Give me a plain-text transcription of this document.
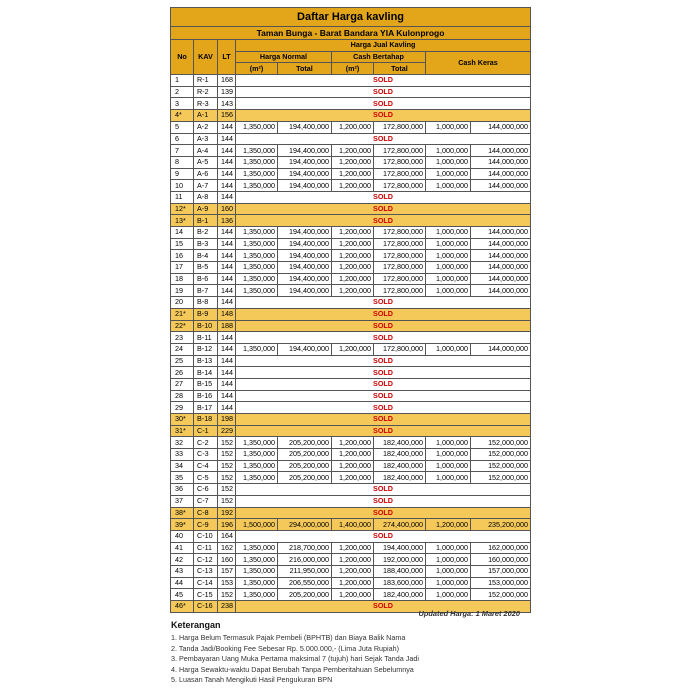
Daftar Harga kavling								
Taman Bunga - Barat Bandara YIA Kulonprogo								
No	KAV	LT	Harga Jual Kavling					
			Harga Normal		Cash Bertahap		Cash Keras	
			(m²)	Total	(m²)	Total		
1	R-1	168	SOLD					
2	R-2	139	SOLD					
3	R-3	143	SOLD					
4*	A-1	156	SOLD					
5	A-2	144	1,350,000	194,400,000	1,200,000	172,800,000	1,000,000	144,000,000
6	A-3	144	SOLD					
7	A-4	144	1,350,000	194,400,000	1,200,000	172,800,000	1,000,000	144,000,000
8	A-5	144	1,350,000	194,400,000	1,200,000	172,800,000	1,000,000	144,000,000
9	A-6	144	1,350,000	194,400,000	1,200,000	172,800,000	1,000,000	144,000,000
10	A-7	144	1,350,000	194,400,000	1,200,000	172,800,000	1,000,000	144,000,000
11	A-8	144	SOLD					
12*	A-9	160	SOLD					
13*	B-1	136	SOLD					
14	B-2	144	1,350,000	194,400,000	1,200,000	172,800,000	1,000,000	144,000,000
15	B-3	144	1,350,000	194,400,000	1,200,000	172,800,000	1,000,000	144,000,000
16	B-4	144	1,350,000	194,400,000	1,200,000	172,800,000	1,000,000	144,000,000
17	B-5	144	1,350,000	194,400,000	1,200,000	172,800,000	1,000,000	144,000,000
18	B-6	144	1,350,000	194,400,000	1,200,000	172,800,000	1,000,000	144,000,000
19	B-7	144	1,350,000	194,400,000	1,200,000	172,800,000	1,000,000	144,000,000
20	B-8	144	SOLD					
21*	B-9	148	SOLD					
22*	B-10	188	SOLD					
23	B-11	144	SOLD					
24	B-12	144	1,350,000	194,400,000	1,200,000	172,800,000	1,000,000	144,000,000
25	B-13	144	SOLD					
26	B-14	144	SOLD					
27	B-15	144	SOLD					
28	B-16	144	SOLD					
29	B-17	144	SOLD					
30*	B-18	198	SOLD					
31*	C-1	229	SOLD					
32	C-2	152	1,350,000	205,200,000	1,200,000	182,400,000	1,000,000	152,000,000
33	C-3	152	1,350,000	205,200,000	1,200,000	182,400,000	1,000,000	152,000,000
34	C-4	152	1,350,000	205,200,000	1,200,000	182,400,000	1,000,000	152,000,000
35	C-5	152	1,350,000	205,200,000	1,200,000	182,400,000	1,000,000	152,000,000
36	C-6	152	SOLD					
37	C-7	152	SOLD					
38*	C-8	192	SOLD					
39*	C-9	196	1,500,000	294,000,000	1,400,000	274,400,000	1,200,000	235,200,000
40	C-10	164	SOLD					
41	C-11	162	1,350,000	218,700,000	1,200,000	194,400,000	1,000,000	162,000,000
42	C-12	160	1,350,000	216,000,000	1,200,000	192,000,000	1,000,000	160,000,000
43	C-13	157	1,350,000	211,950,000	1,200,000	188,400,000	1,000,000	157,000,000
44	C-14	153	1,350,000	206,550,000	1,200,000	183,600,000	1,000,000	153,000,000
45	C-15	152	1,350,000	205,200,000	1,200,000	182,400,000	1,000,000	152,000,000
46*	C-16	238	SOLD					
Updated Harga: 1 Maret 2020
Keterangan
1. Harga Belum Termasuk Pajak Pembeli (BPHTB) dan Biaya Balik Nama
2. Tanda Jadi/Booking Fee Sebesar Rp. 5.000.000,- (Lima Juta Rupiah)
3. Pembayaran Uang Muka Pertama maksimal 7 (tujuh) hari Sejak Tanda Jadi
4. Harga Sewaktu-waktu Dapat Berubah Tanpa Pemberitahuan Sebelumnya
5. Luasan Tanah Mengikuti Hasil Pengukuran BPN
